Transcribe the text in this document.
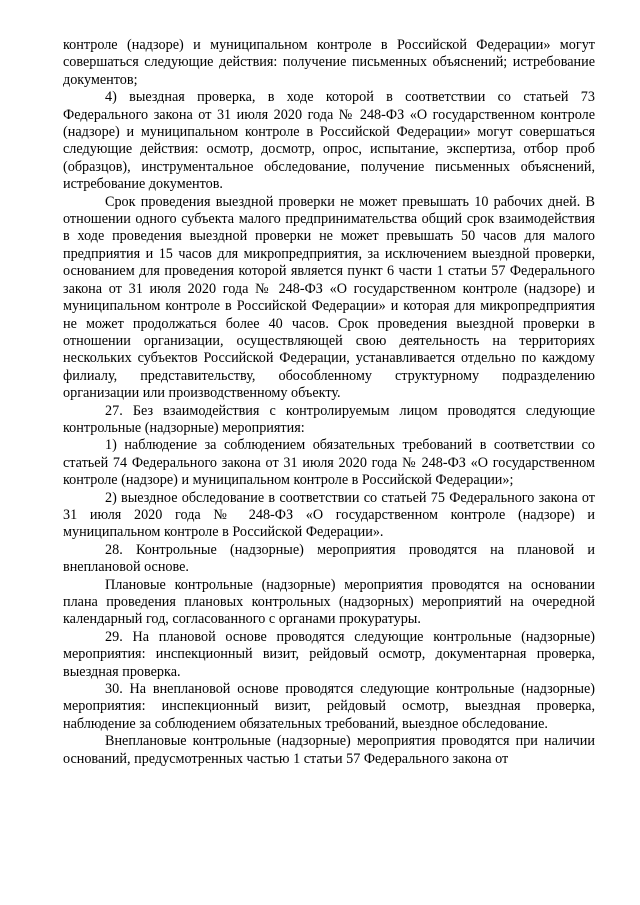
контроле (надзоре) и муниципальном контроле в Российской Федерации» могут совершаться следующие действия: получение письменных объяснений; истребование документов;

4) выездная проверка, в ходе которой в соответствии со статьей 73 Федерального закона от 31 июля 2020 года № 248-ФЗ «О государственном контроле (надзоре) и муниципальном контроле в Российской Федерации» могут совершаться следующие действия: осмотр, досмотр, опрос, испытание, экспертиза, отбор проб (образцов), инструментальное обследование, получение письменных объяснений, истребование документов.

Срок проведения выездной проверки не может превышать 10 рабочих дней. В отношении одного субъекта малого предпринимательства общий срок взаимодействия в ходе проведения выездной проверки не может превышать 50 часов для малого предприятия и 15 часов для микропредприятия, за исключением выездной проверки, основанием для проведения которой является пункт 6 части 1 статьи 57 Федерального закона от 31 июля 2020 года № 248-ФЗ «О государственном контроле (надзоре) и муниципальном контроле в Российской Федерации» и которая для микропредприятия не может продолжаться более 40 часов. Срок проведения выездной проверки в отношении организации, осуществляющей свою деятельность на территориях нескольких субъектов Российской Федерации, устанавливается отдельно по каждому филиалу, представительству, обособленному структурному подразделению организации или производственному объекту.

27. Без взаимодействия с контролируемым лицом проводятся следующие контрольные (надзорные) мероприятия:

1) наблюдение за соблюдением обязательных требований в соответствии со статьей 74 Федерального закона от 31 июля 2020 года № 248-ФЗ «О государственном контроле (надзоре) и муниципальном контроле в Российской Федерации»;

2) выездное обследование в соответствии со статьей 75 Федерального закона от 31 июля 2020 года № 248-ФЗ «О государственном контроле (надзоре) и муниципальном контроле в Российской Федерации».

28. Контрольные (надзорные) мероприятия проводятся на плановой и внеплановой основе.

Плановые контрольные (надзорные) мероприятия проводятся на основании плана проведения плановых контрольных (надзорных) мероприятий на очередной календарный год, согласованного с органами прокуратуры.

29. На плановой основе проводятся следующие контрольные (надзорные) мероприятия: инспекционный визит, рейдовый осмотр, документарная проверка, выездная проверка.

30. На внеплановой основе проводятся следующие контрольные (надзорные) мероприятия: инспекционный визит, рейдовый осмотр, выездная проверка, наблюдение за соблюдением обязательных требований, выездное обследование.

Внеплановые контрольные (надзорные) мероприятия проводятся при наличии оснований, предусмотренных частью 1 статьи 57 Федерального закона от
